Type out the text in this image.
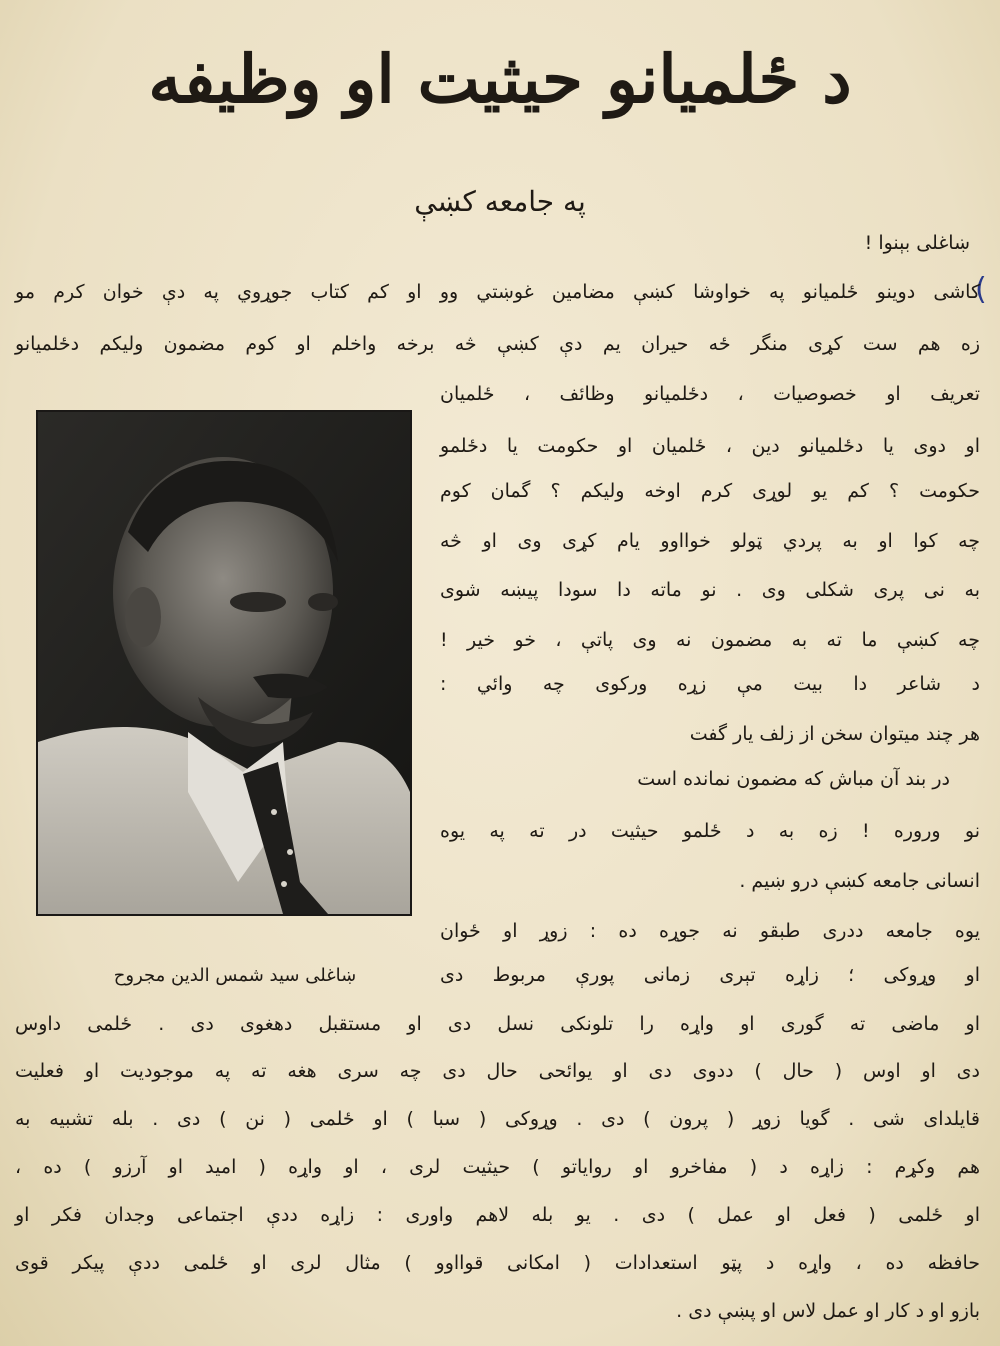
د ځلمیانو حیثیت او وظیفه
په جامعه کښې
ښاغلی بېنوا !
(
کاشی دوینو ځلمیانو په خواوشا کښې مضامین غوښتي وو او کم کتاب جوړوي په دې خوان کرم مو
زه هم ست کړی منگر ځه حیران یم دې کښې څه برخه واخلم او کوم مضمون ولیکم دځلمیانو
تعریف او خصوصیات ، دځلمیانو وظائف ، ځلمیان
او دوی یا دځلمیانو دین ، ځلمیان او حکومت یا دځلمو
حکومت ؟ کم یو لوړی کرم اوخه ولیکم ؟ گمان کوم
چه کوا او به پردي ټولو خوااوو یام کړی وی او څه
به نی پری شکلی وی . نو ماته دا سودا پیښه شوی
چه کښې ما ته به مضمون نه وی پاتې ، خو خیر !
د شاعر دا بیت مې زړه ورکوی چه وائي :
هر چند میتوان سخن از زلف یار گفت
در بند آن مباش که مضمون نمانده است
نو وروره ! زه به د ځلمو حیثیت در ته په یوه
انسانی جامعه کښې درو ښیم .
یوه جامعه ددری طبقو نه جوړه ده : زوړ او ځوان
او وړوکی ؛ زاړه تېری زمانی پورې مربوط دی
ښاغلی سید شمس الدین مجروح
او ماضی ته گوری او واړه را تلونکی نسل دی او مستقبل دهغوی دی . ځلمی داوس
دی او اوس ( حال ) ددوی دی او یوائحی حال دی چه سری هغه ته په موجودیت او فعلیت
قایلدای شی . گویا زوړ ( پرون ) دی . وړوکی ( سبا ) او ځلمی ( نن ) دی . بله تشبیه به
هم وکړم : زاړه د ( مفاخرو او روایاتو ) حیثیت لری ، او واړه ( امید او آرزو ) ده ،
او ځلمی ( فعل او عمل ) دی . یو بله لاهم واوری : زاړه ددې اجتماعی وجدان فکر او
حافظه ده ، واړه د پټو استعدادات ( امکانی قوااوو ) مثال لری او ځلمی ددې پیکر قوی
بازو او د کار او عمل لاس او پښې دی .
